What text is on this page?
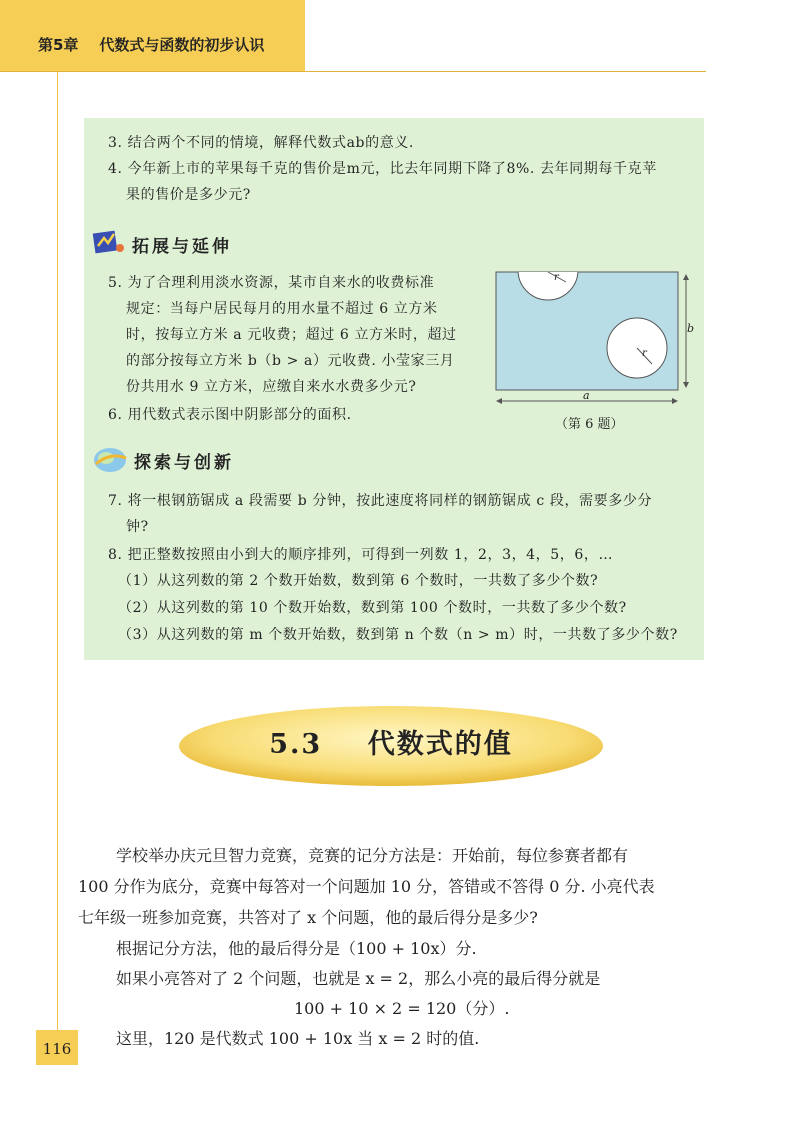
第5章    代数式与函数的初步认识
3. 结合两个不同的情境，解释代数式ab的意义.
4. 今年新上市的苹果每千克的售价是m元，比去年同期下降了8%. 去年同期每千克苹
果的售价是多少元?
拓展与延伸
5. 为了合理利用淡水资源，某市自来水的收费标准
规定：当每户居民每月的用水量不超过 6 立方米
时，按每立方米 a 元收费；超过 6 立方米时，超过
的部分按每立方米 b（b > a）元收费. 小莹家三月
份共用水 9 立方米，应缴自来水水费多少元?
6. 用代数式表示图中阴影部分的面积.
r
r
b
a
（第 6 题）
探索与创新
7. 将一根钢筋锯成 a 段需要 b 分钟，按此速度将同样的钢筋锯成 c 段，需要多少分
钟?
8. 把正整数按照由小到大的顺序排列，可得到一列数 1，2，3，4，5，6，…
（1）从这列数的第 2 个数开始数，数到第 6 个数时，一共数了多少个数?
（2）从这列数的第 10 个数开始数，数到第 100 个数时，一共数了多少个数?
（3）从这列数的第 m 个数开始数，数到第 n 个数（n > m）时，一共数了多少个数?
5.3    代数式的值
学校举办庆元旦智力竞赛，竞赛的记分方法是：开始前，每位参赛者都有
100 分作为底分，竞赛中每答对一个问题加 10 分，答错或不答得 0 分. 小亮代表
七年级一班参加竞赛，共答对了 x 个问题，他的最后得分是多少?
根据记分方法，他的最后得分是（100 + 10x）分.
如果小亮答对了 2 个问题，也就是 x = 2，那么小亮的最后得分就是
100 + 10 × 2 = 120（分）.
这里，120 是代数式 100 + 10x 当 x = 2 时的值.
116
